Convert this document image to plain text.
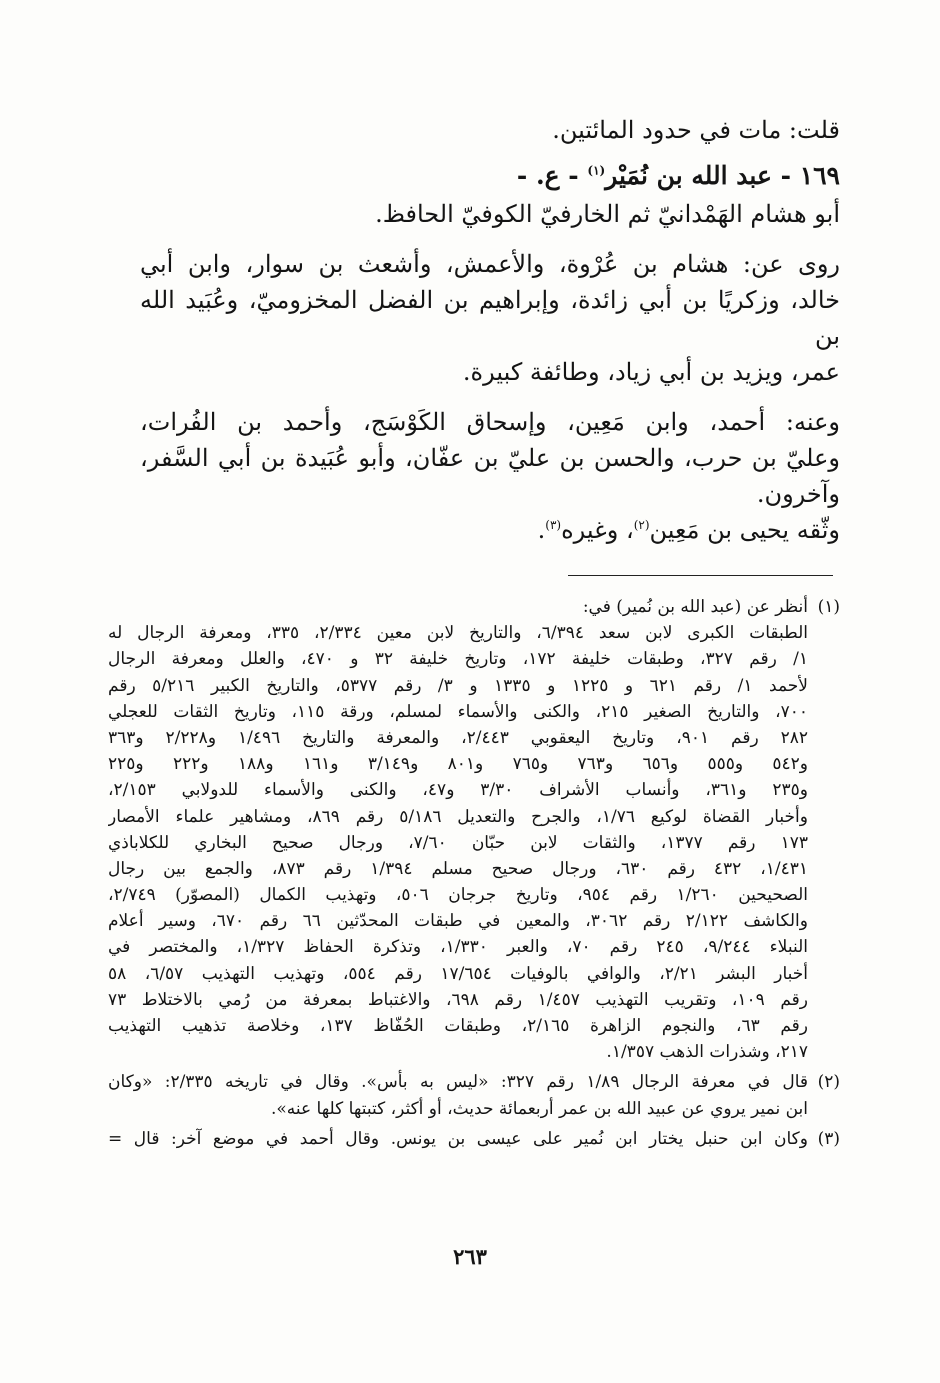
قلت: مات في حدود المائتين.
١٦٩ - عبد الله بن نُمَيْر$^{(١)}$ - ع. -
أبو هشام الهَمْدانيّ ثم الخارفيّ الكوفيّ الحافظ.
روى عن: هشام بن عُرْوة، والأعمش، وأشعث بن سوار، وابن أبي
خالد، وزكريًا بن أبي زائدة، وإبراهيم بن الفضل المخزوميّ، وعُبَيد الله بن
عمر، ويزيد بن أبي زياد، وطائفة كبيرة.
وعنه: أحمد، وابن مَعِين، وإسحاق الكَوْسَج، وأحمد بن الفُرات،
وعليّ بن حرب، والحسن بن عليّ بن عفّان، وأبو عُبَيدة بن أبي السَّفر،
وآخرون.
وثّقه يحيى بن مَعِين$^{(٢)}$، وغيره$^{(٣)}$.
(١)
أنظر عن (عبد الله بن نُمير) في:
الطبقات الكبرى لابن سعد ٦/٣٩٤، والتاريخ لابن معين ٢/٣٣٤، ٣٣٥، ومعرفة الرجال له
١/ رقم ٣٢٧، وطبقات خليفة ١٧٢، وتاريخ خليفة ٣٢ و ٤٧٠، والعلل ومعرفة الرجال
لأحمد ١/ رقم ٦٢١ و ١٢٢٥ و ١٣٣٥ و ٣/ رقم ٥٣٧٧، والتاريخ الكبير ٥/٢١٦ رقم
٧٠٠، والتاريخ الصغير ٢١٥، والكنى والأسماء لمسلم، ورقة ١١٥، وتاريخ الثقات للعجلي
٢٨٢ رقم ٩٠١، وتاريخ اليعقوبي ٢/٤٤٣، والمعرفة والتاريخ ١/٤٩٦ و٢/٢٢٨ و٣٦٣
و٥٤٢ و٥٥٥ و٦٥٦ و٧٦٣ و٧٦٥ و٨٠١ و٣/١٤٩ و١٦١ و١٨٨ و٢٢٢ و٢٢٥
و٢٣٥ و٣٦١، وأنساب الأشراف ٣/٣٠ و٤٧، والكنى والأسماء للدولابي ٢/١٥٣،
وأخبار القضاة لوكيع ١/٧٦، والجرح والتعديل ٥/١٨٦ رقم ٨٦٩، ومشاهير علماء الأمصار
١٧٣ رقم ١٣٧٧، والثقات لابن حبّان ٧/٦٠، ورجال صحيح البخاري للكلاباذي
١/٤٣١، ٤٣٢ رقم ٦٣٠، ورجال صحيح مسلم ١/٣٩٤ رقم ٨٧٣، والجمع بين رجال
الصحيحين ١/٢٦٠ رقم ٩٥٤، وتاريخ جرجان ٥٠٦، وتهذيب الكمال (المصوّر) ٢/٧٤٩،
والكاشف ٢/١٢٢ رقم ٣٠٦٢، والمعين في طبقات المحدّثين ٦٦ رقم ٦٧٠، وسير أعلام
النبلاء ٩/٢٤٤، ٢٤٥ رقم ٧٠، والعبر ١/٣٣٠، وتذكرة الحفاظ ١/٣٢٧، والمختصر في
أخبار البشر ٢/٢١، والوافي بالوفيات ١٧/٦٥٤ رقم ٥٥٤، وتهذيب التهذيب ٦/٥٧، ٥٨
رقم ١٠٩، وتقريب التهذيب ١/٤٥٧ رقم ٦٩٨، والاغتباط بمعرفة من رُمي بالاختلاط ٧٣
رقم ٦٣، والنجوم الزاهرة ٢/١٦٥، وطبقات الحُفّاظ ١٣٧، وخلاصة تذهيب التهذيب
٢١٧، وشذرات الذهب ١/٣٥٧.
(٢)
قال في معرفة الرجال ١/٨٩ رقم ٣٢٧: «ليس به بأس». وقال في تاريخه ٢/٣٣٥: «وكان
ابن نمير يروي عن عبيد الله بن عمر أربعمائة حديث، أو أكثر، كتبتها كلها عنه».
(٣)
وكان ابن حنبل يختار ابن نُمير على عيسى بن يونس. وقال أحمد في موضع آخر: قال =
٢٦٣
